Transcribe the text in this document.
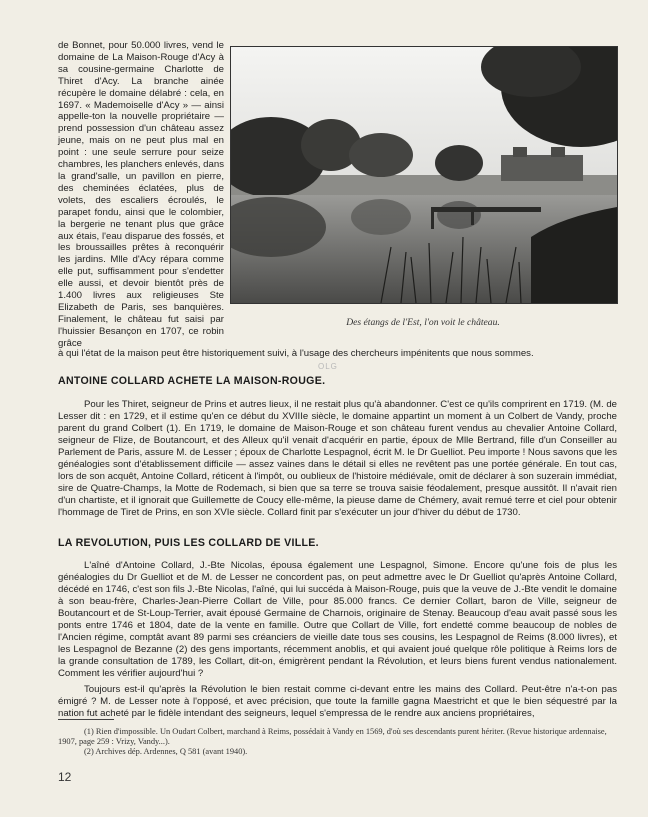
de Bonnet, pour 50.000 livres, vend le domaine de La Maison-Rouge d'Acy à sa cousine-germaine Charlotte de Thiret d'Acy. La branche ainée récupère le domaine délabré : cela, en 1697. « Mademoiselle d'Acy » — ainsi appelle-ton la nouvelle propriétaire — prend possession d'un château assez jeune, mais on ne peut plus mal en point : une seule serrure pour seize chambres, les planchers enlevés, dans la grand'salle, un pavillon en pierre, des cheminées éclatées, plus de volets, des escaliers écroulés, le parapet fondu, ainsi que le colombier, la bergerie ne tenant plus que grâce aux étais, l'eau disparue des fossés, et les broussailles prêtes à reconquérir les jardins. Mlle d'Acy répara comme elle put, suffisamment pour s'endetter elle aussi, et devoir bientôt près de 1.400 livres aux religieuses Ste Elizabeth de Paris, ses banquières. Finalement, le château fut saisi par l'huissier Besançon en 1707, ce robin grâce

Des étangs de l'Est, l'on voit le château.
à qui l'état de la maison peut être historiquement suivi, à l'usage des chercheurs impénitents que nous sommes.
OLG
ANTOINE COLLARD ACHETE LA MAISON-ROUGE.

Pour les Thiret, seigneur de Prins et autres lieux, il ne restait plus qu'à abandonner. C'est ce qu'ils comprirent en 1719. (M. de Lesser dit : en 1729, et il estime qu'en ce début du XVIIIe siècle, le domaine appartint un moment à un Colbert de Vandy, proche parent du grand Colbert (1). En 1719, le domaine de Maison-Rouge et son château furent vendus au chevalier Antoine Collard, seigneur de Flize, de Boutancourt, et des Alleux qu'il venait d'acquérir en partie, époux de Mlle Bertrand, fille d'un Conseiller au Parlement de Paris, assure M. de Lesser ; époux de Charlotte Lespagnol, écrit M. le Dr Guelliot. Peu importe ! Nous savons que les généalogies sont d'établissement difficile — assez vaines dans le détail si elles ne revêtent pas une portée générale. En tout cas, lors de son acquêt, Antoine Collard, réticent à l'impôt, ou oublieux de l'histoire médiévale, omit de déclarer à son suzerain immédiat, sire de Quatre-Champs, la Motte de Rodemach, si bien que sa terre se trouva saisie féodalement, presque aussitôt. Il n'avait rien d'un chartiste, et il ignorait que Guillemette de Coucy elle-même, la pieuse dame de Chémery, avait remué terre et ciel pour obtenir l'hommage de Tiret de Prins, en son XVIe siècle. Collard finit par s'exécuter un jour d'hiver du début de 1730.

LA REVOLUTION, PUIS LES COLLARD DE VILLE.

L'aîné d'Antoine Collard, J.-Bte Nicolas, épousa également une Lespagnol, Simone. Encore qu'une fois de plus les généalogies du Dr Guelliot et de M. de Lesser ne concordent pas, on peut admettre avec le Dr Guelliot qu'après Antoine Collard, décédé en 1746, c'est son fils J.-Bte Nicolas, l'aîné, qui lui succéda à Maison-Rouge, puis que la veuve de J.-Bte vendit le domaine à son beau-frère, Charles-Jean-Pierre Collart de Ville, pour 85.000 francs. Ce dernier Collart, baron de Ville, seigneur de Boutancourt et de St-Loup-Terrier, avait épousé Germaine de Charnois, originaire de Stenay. Beaucoup d'eau avait passé sous les ponts entre 1746 et 1804, date de la vente en famille. Outre que Collart de Ville, fort endetté comme beaucoup de nobles de l'Ancien régime, comptât avant 89 parmi ses créanciers de vieille date tous ses cousins, les Lespagnol de Reims (8.000 livres), et les Lespagnol de Bezanne (2) des gens importants, récemment anoblis, et qui avaient joué quelque rôle politique à Reims lors de la grande consultation de 1789, les Collart, dit-on, émigrèrent pendant la Révolution, et leurs biens furent vendus nationalement. Comment les vérifier aujourd'hui ?

Toujours est-il qu'après la Révolution le bien restait comme ci-devant entre les mains des Collard. Peut-être n'a-t-on pas émigré ? M. de Lesser note à l'opposé, et avec précision, que toute la famille gagna Maestricht et que le bien séquestré par la nation fut acheté par le fidèle intendant des seigneurs, lequel s'empressa de le rendre aux anciens propriétaires,

(1) Rien d'impossible. Un Oudart Colbert, marchand à Reims, possédait à Vandy en 1569, d'où ses descendants purent hériter. (Revue historique ardennaise, 1907, page 259 : Vrizy, Vandy...).

(2) Archives dép. Ardennes, Q 581 (avant 1940).

12
